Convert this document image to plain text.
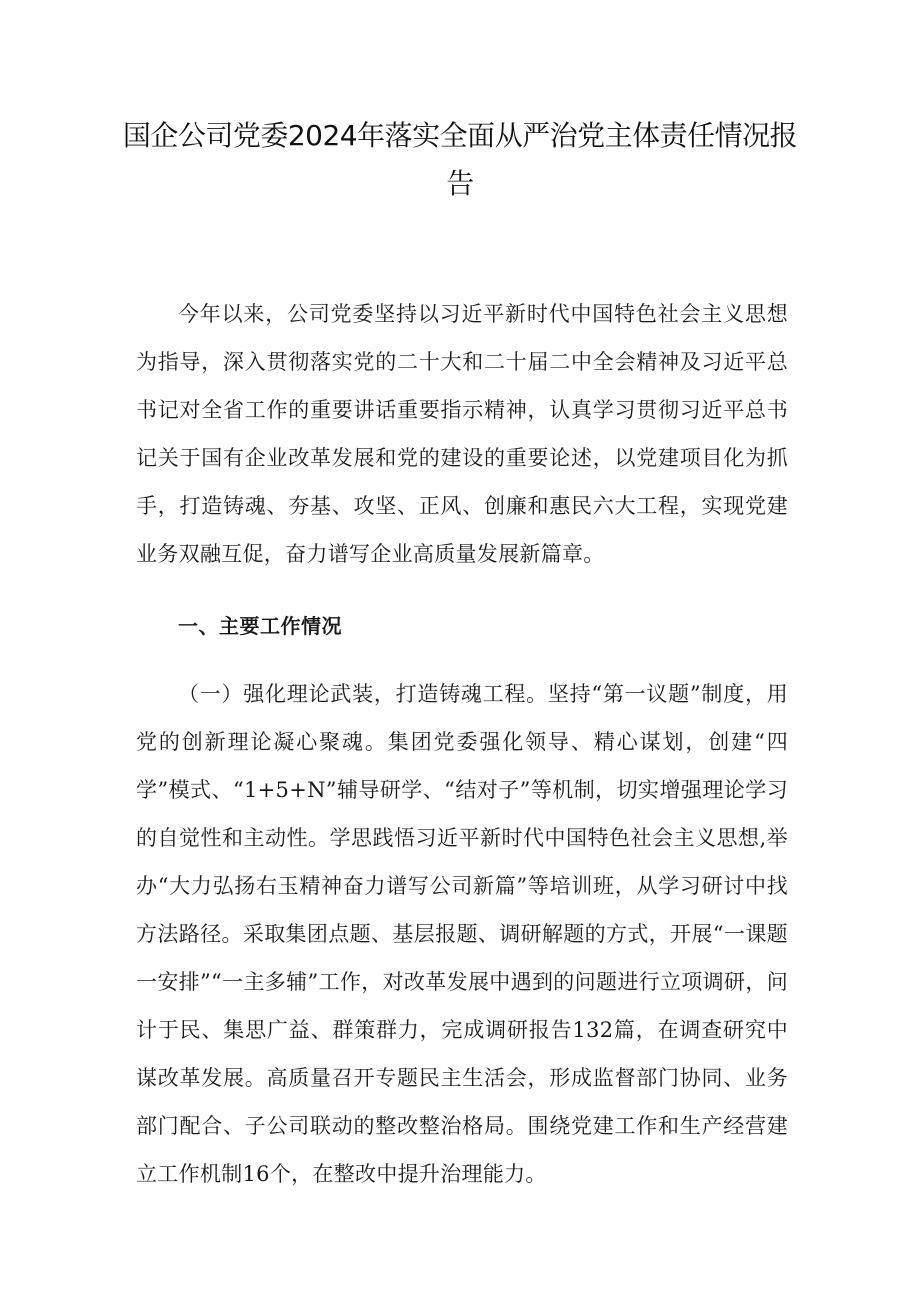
国企公司党委2024年落实全面从严治党主体责任情况报告

今年以来，公司党委坚持以习近平新时代中国特色社会主义思想为指导，深入贯彻落实党的二十大和二十届二中全会精神及习近平总书记对全省工作的重要讲话重要指示精神，认真学习贯彻习近平总书记关于国有企业改革发展和党的建设的重要论述，以党建项目化为抓手，打造铸魂、夯基、攻坚、正风、创廉和惠民六大工程，实现党建业务双融互促，奋力谱写企业高质量发展新篇章。

一、主要工作情况

（一）强化理论武装，打造铸魂工程。坚持“第一议题”制度，用党的创新理论凝心聚魂。集团党委强化领导、精心谋划，创建“四学”模式、“1+5+N”辅导研学、“结对子”等机制，切实增强理论学习的自觉性和主动性。学思践悟习近平新时代中国特色社会主义思想,举办“大力弘扬右玉精神奋力谱写公司新篇”等培训班，从学习研讨中找方法路径。采取集团点题、基层报题、调研解题的方式，开展“一课题一安排”“一主多辅”工作，对改革发展中遇到的问题进行立项调研，问计于民、集思广益、群策群力，完成调研报告132篇，在调查研究中谋改革发展。高质量召开专题民主生活会，形成监督部门协同、业务部门配合、子公司联动的整改整治格局。围绕党建工作和生产经营建立工作机制16个，在整改中提升治理能力。
